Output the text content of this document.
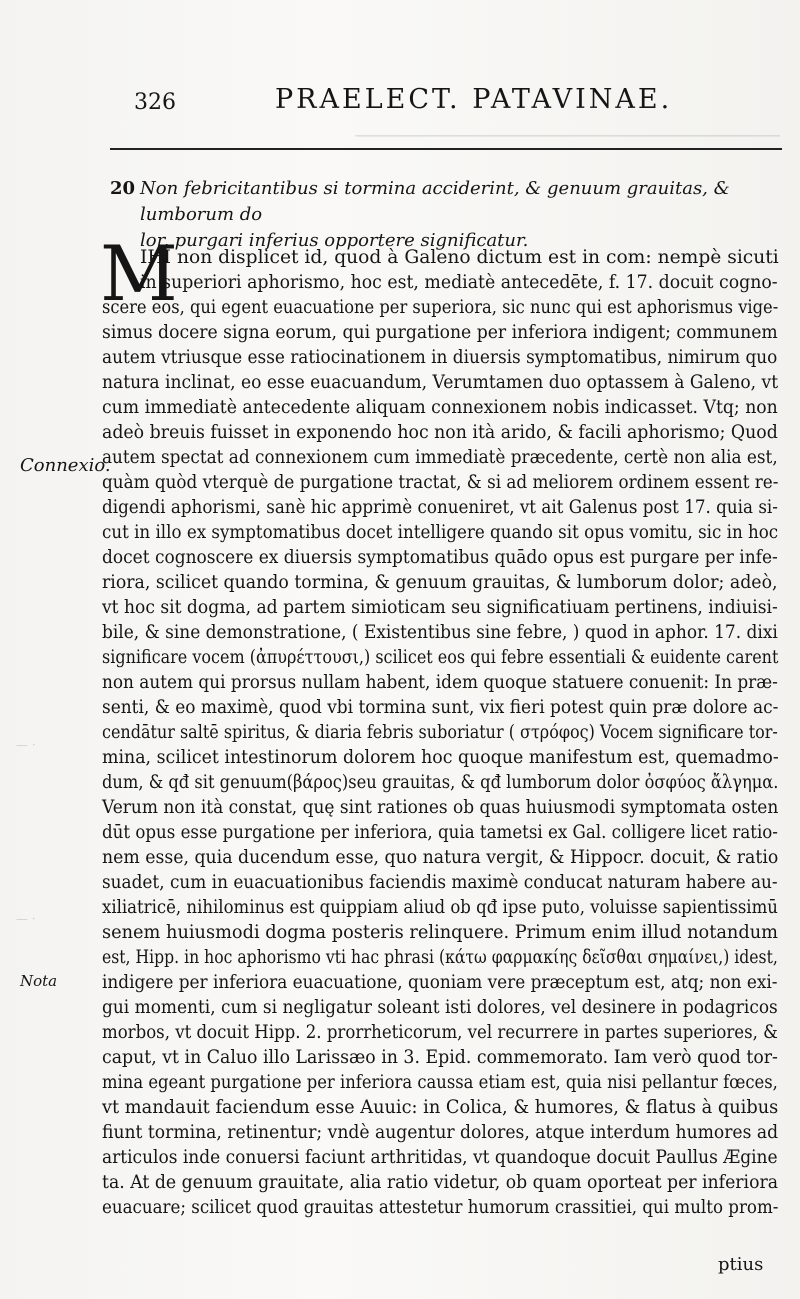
───────────────────────────────────────────────
326	PRAELECT. PATAVINAE.
20 Non febricitantibus si tormina acciderint, & genuum grauitas, & lumborum do
lor, purgari inferius opportere significatur.
M
IHI non displicet id, quod à Galeno dictum est in com: nempè sicuti
in superiori aphorismo, hoc est, mediatè antecedēte, f. 17. docuit cogno-
scere eos, qui egent euacuatione per superiora, sic nunc qui est aphorismus vige-
simus docere signa eorum, qui purgatione per inferiora indigent; communem
autem vtriusque esse ratiocinationem in diuersis symptomatibus, nimirum quo
natura inclinat, eo esse euacuandum, Verumtamen duo optassem à Galeno, vt
cum immediatè antecedente aliquam connexionem nobis indicasset. Vtq; non
adeò breuis fuisset in exponendo hoc non ità arido, & facili aphorismo; Quod
autem spectat ad connexionem cum immediatè præcedente, certè non alia est,
quàm quòd vterquè de purgatione tractat, & si ad meliorem ordinem essent re-
digendi aphorismi, sanè hic apprimè conueniret, vt ait Galenus post 17. quia si-
cut in illo ex symptomatibus docet intelligere quando sit opus vomitu, sic in hoc
docet cognoscere ex diuersis symptomatibus quādo opus est purgare per infe-
riora, scilicet quando tormina, & genuum grauitas, & lumborum dolor; adeò,
vt hoc sit dogma, ad partem simioticam seu significatiuam pertinens, indiuisi-
bile, & sine demonstratione, ( Existentibus sine febre, ) quod in aphor. 17. dixi
significare vocem (ἀπυρέττουσι,) scilicet eos qui febre essentiali & euidente carent
non autem qui prorsus nullam habent, idem quoque statuere conuenit: In præ-
senti, & eo maximè, quod vbi tormina sunt, vix fieri potest quin præ dolore ac-
cendātur saltē spiritus, & diaria febris suboriatur ( στρόφος) Vocem significare tor-
mina, scilicet intestinorum dolorem hoc quoque manifestum est, quemadmo-
dum, & qđ sit genuum(βάρος)seu grauitas, & qđ lumborum dolor ὀσφύος ἄλγημα.
Verum non ità constat, quę sint rationes ob quas huiusmodi symptomata osten
dūt opus esse purgatione per inferiora, quia tametsi ex Gal. colligere licet ratio-
nem esse, quia ducendum esse, quo natura vergit, & Hippocr. docuit, & ratio
suadet, cum in euacuationibus faciendis maximè conducat naturam habere au-
xiliatricē, nihilominus est quippiam aliud ob qđ ipse puto, voluisse sapientissimū
senem huiusmodi dogma posteris relinquere. Primum enim illud notandum
est, Hipp. in hoc aphorismo vti hac phrasi (κάτω φαρμακίης δεῖσθαι σημαίνει,) idest,
indigere per inferiora euacuatione, quoniam vere præceptum est, atq; non exi-
gui momenti, cum si negligatur soleant isti dolores, vel desinere in podagricos
morbos, vt docuit Hipp. 2. prorrheticorum, vel recurrere in partes superiores, &
caput, vt in Caluo illo Larissæo in 3. Epid. commemorato. Iam verò quod tor-
mina egeant purgatione per inferiora caussa etiam est, quia nisi pellantur fœces,
vt mandauit faciendum esse Auuic: in Colica, & humores, & flatus à quibus
fiunt tormina, retinentur; vndè augentur dolores, atque interdum humores ad
articulos inde conuersi faciunt arthritidas, vt quandoque docuit Paullus Ægine
ta. At de genuum grauitate, alia ratio videtur, ob quam oporteat per inferiora
euacuare; scilicet quod grauitas attestetur humorum crassitiei, qui multo prom-
Connexio.
— ·
— ·
Nota
ptius
